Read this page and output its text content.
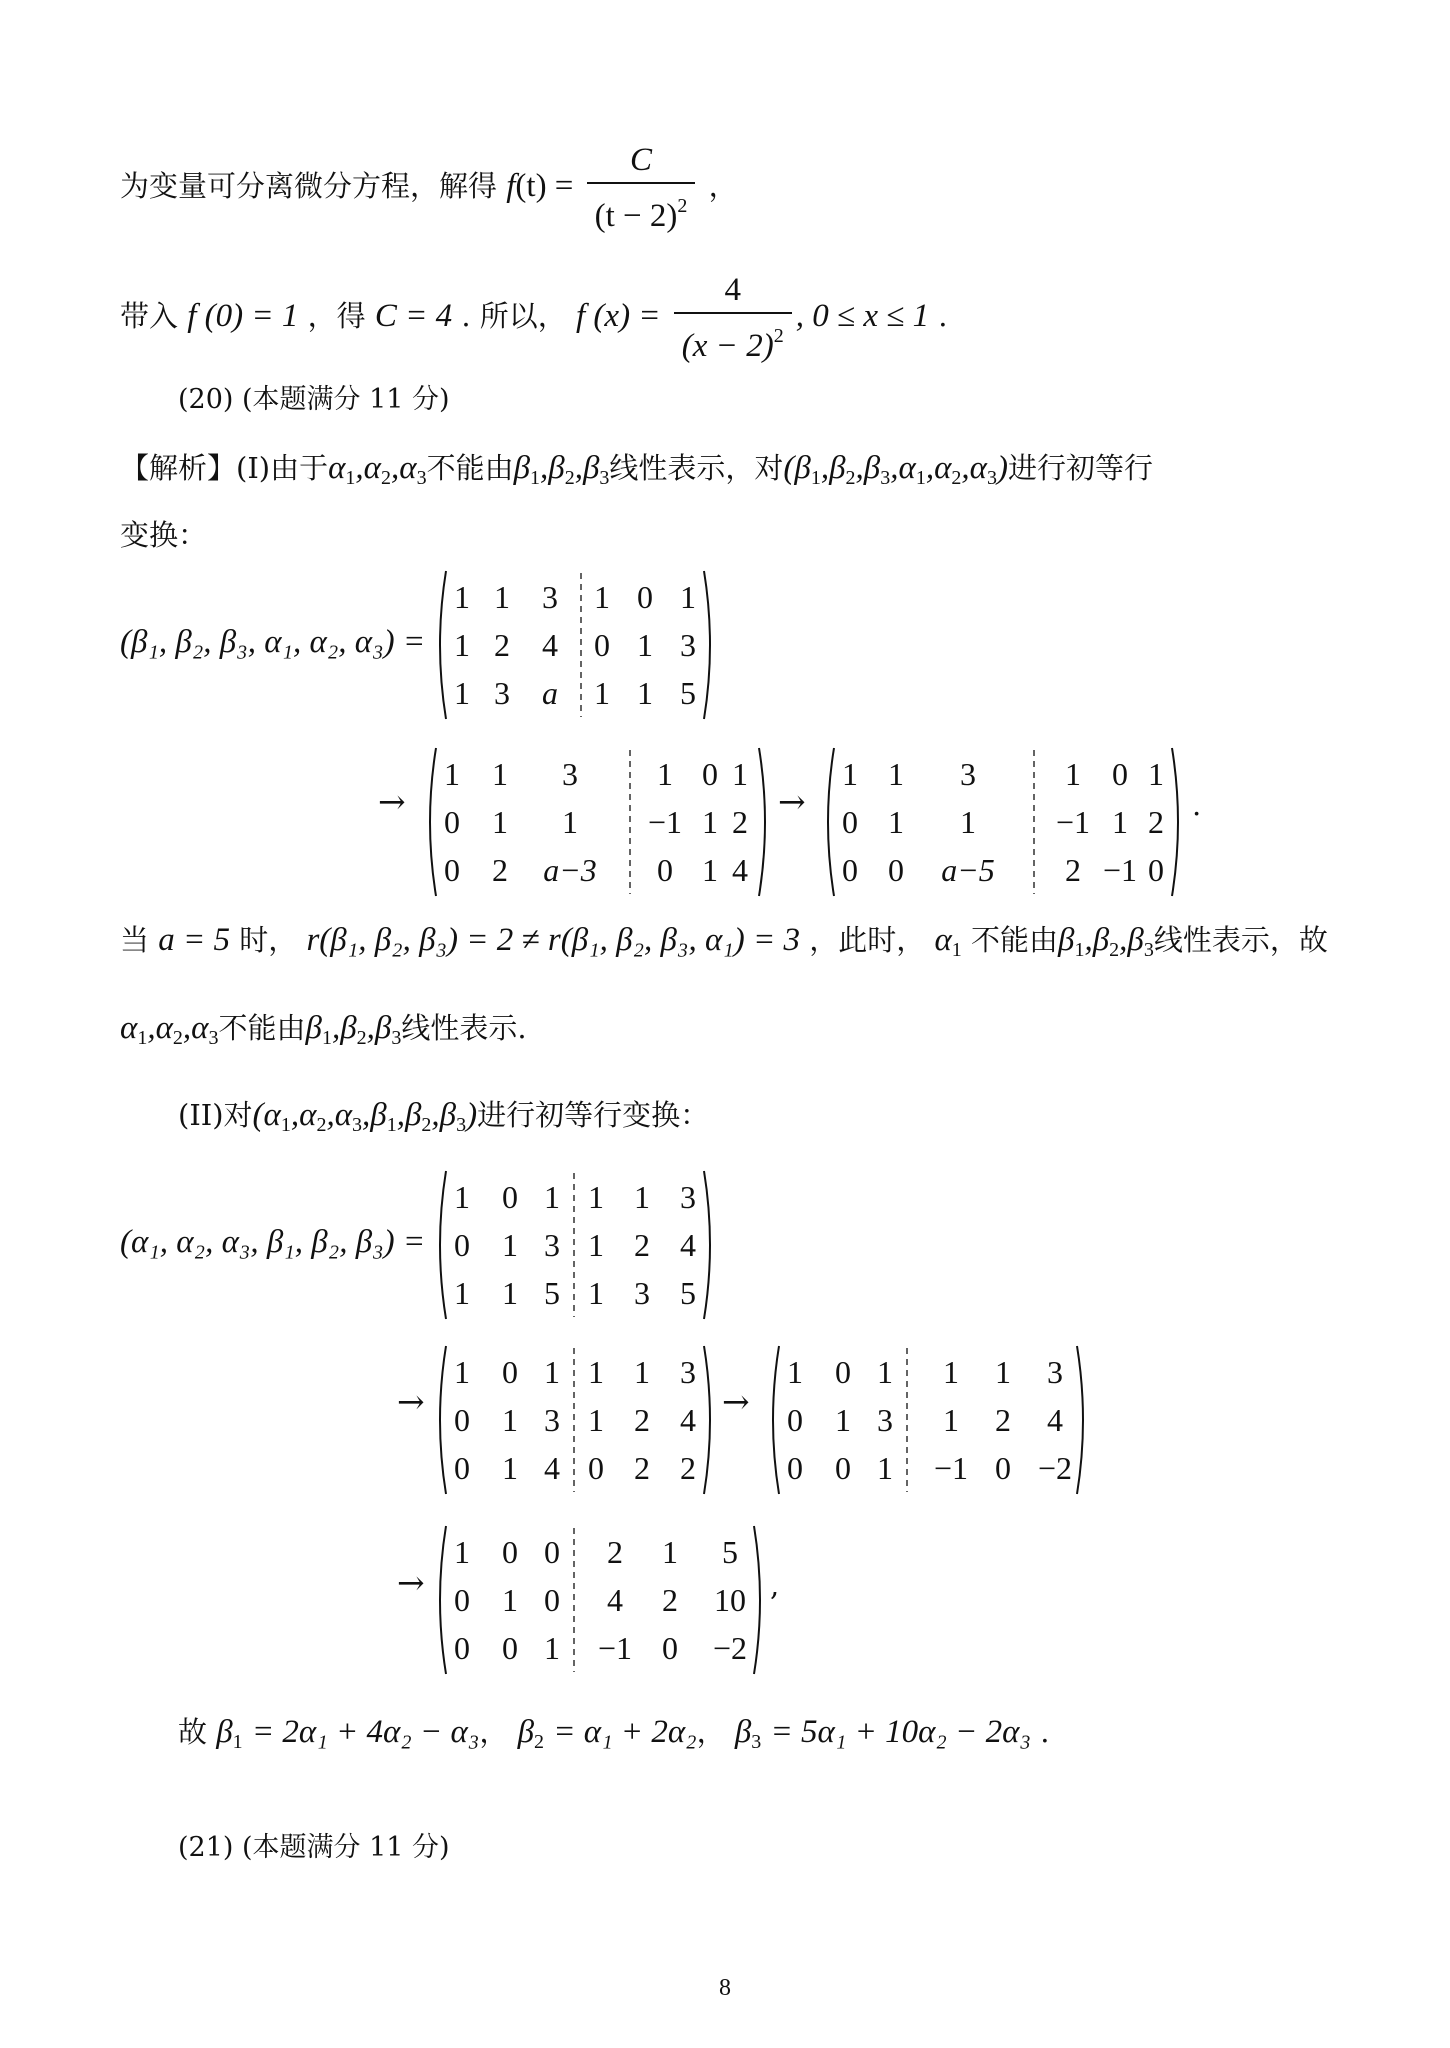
为变量可分离微分方程，解得 $f(t) = \frac{C}{(t - 2)^2}$ ，
带入 f (0) = 1 ，得 C = 4 . 所以， f $(x) = \frac{4}{(x - 2)^2}$ , 0 ≤ x ≤ 1 .
(20) (本题满分 11 分)
【解析】(I)由于$\alpha_1,\alpha_2,\alpha_3$不能由$\beta_1,\beta_2,\beta_3$线性表示，对$(\beta_1,\beta_2,\beta_3,\alpha_1,\alpha_2,\alpha_3)$进行初等行
变换：
(β₁, β₂, β₃, α₁, α₂, α₃) =
1 1 3 1 0 1
1 2 4 0 1 3
1 3 a 1 1 5
→
1 1 3 1 0 1
0 1 1 −1 1 2
0 2 a−3 0 1 4
→
1 1 3	1 0 1
0 1 1 −1 1 2
0 0 a−5 2 −1 0
.
当 a = 5 时， r(β₁, β₂, β₃) = 2 ≠ r(β₁, β₂, β₃, α₁) = 3 ，此时， $\alpha_1$ 不能由$\beta_1,\beta_2,\beta_3$线性表示，故
$\alpha_1,\alpha_2,\alpha_3$不能由$\beta_1,\beta_2,\beta_3$线性表示.
(II)对$(\alpha_1,\alpha_2,\alpha_3,\beta_1,\beta_2,\beta_3)$进行初等行变换：
(α₁, α₂, α₃, β₁, β₂, β₃) =
1 0 1 1 1 3
0 1 3 1 2 4
1 1 5 1 3 5
→
1 0 1 1 1 3
0 1 3 1 2 4
0 1 4 0 2 2
→
1 0 1 1 1 3
0 1 3 1 2 4
0 0 1 −1 0 −2
→
1 0 0 2 1 5
0 1 0 4 2 10
0 0 1 −1 0 −2
,
故 $\beta_1 = 2\alpha_1 + 4\alpha_2 - \alpha_3$， $\beta_2 = \alpha_1 + 2\alpha_2$， $\beta_3 = 5\alpha_1 + 10\alpha_2 - 2\alpha_3$ .
(21) (本题满分 11 分)
8
